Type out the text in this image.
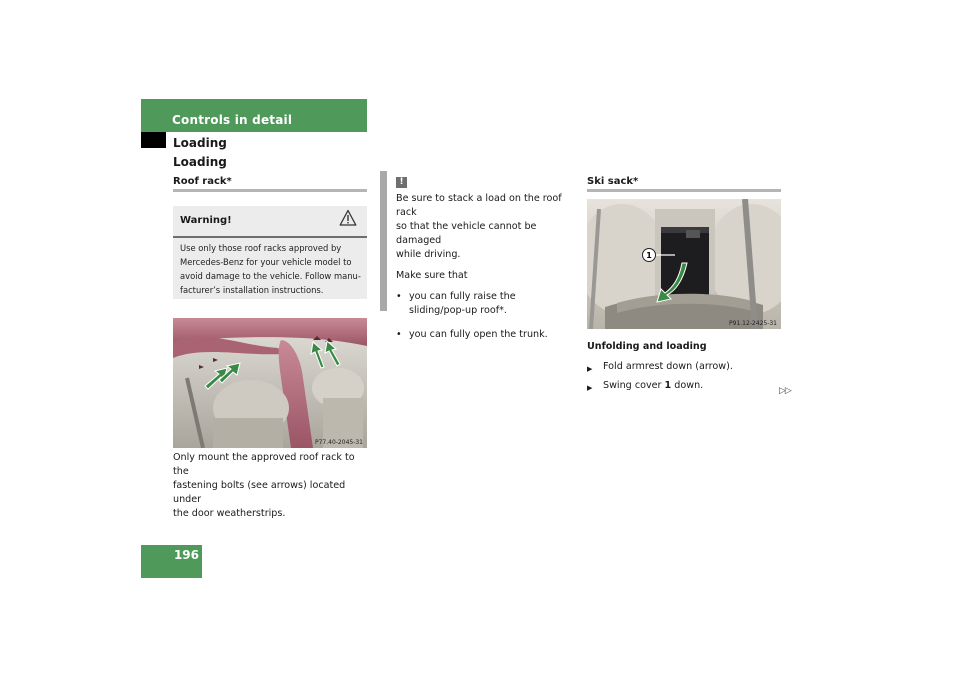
Controls in detail
Loading
Loading
Roof rack*
Warning!
Use only those roof racks approved by
Mercedes-Benz for your vehicle model to
avoid damage to the vehicle. Follow manu-
facturer’s installation instructions.
P77.40-2045-31
Only mount the approved roof rack to the
fastening bolts (see arrows) located under
the door weatherstrips.
!
Be sure to stack a load on the roof rack
so that the vehicle cannot be damaged
while driving.
Make sure that
• you can fully raise the
sliding/pop-up roof*.
• you can fully open the trunk.
Ski sack*
1
P91.12-2425-31
Unfolding and loading
▶ Fold armrest down (arrow).
▶ Swing cover 1 down.	▷▷
196
